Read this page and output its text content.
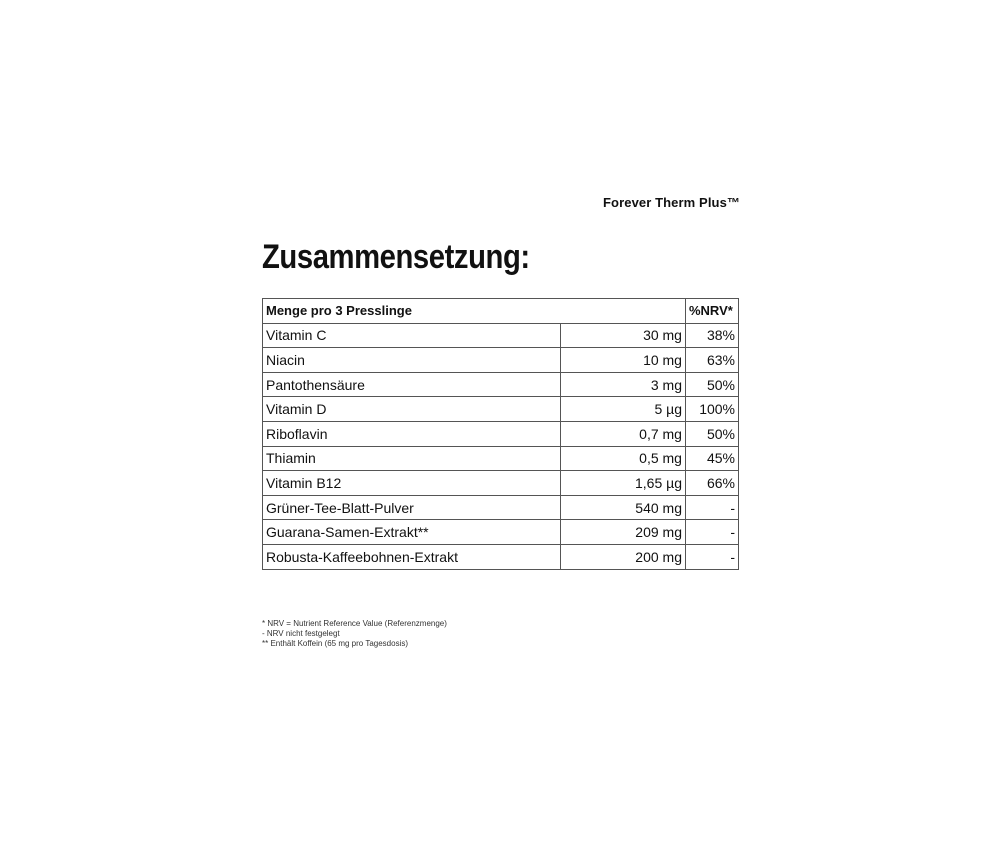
Forever Therm Plus™
Zusammensetzung:
Menge pro 3 Presslinge		%NRV*
Vitamin C	30 mg	38%
Niacin	10 mg	63%
Pantothensäure	3 mg	50%
Vitamin D	5 µg	100%
Riboflavin	0,7 mg	50%
Thiamin	0,5 mg	45%
Vitamin B12	1,65 µg	66%
Grüner-Tee-Blatt-Pulver	540 mg	-
Guarana-Samen-Extrakt**	209 mg	-
Robusta-Kaffeebohnen-Extrakt	200 mg	-
* NRV = Nutrient Reference Value (Referenzmenge)
- NRV nicht festgelegt
** Enthält Koffein (65 mg pro Tagesdosis)
